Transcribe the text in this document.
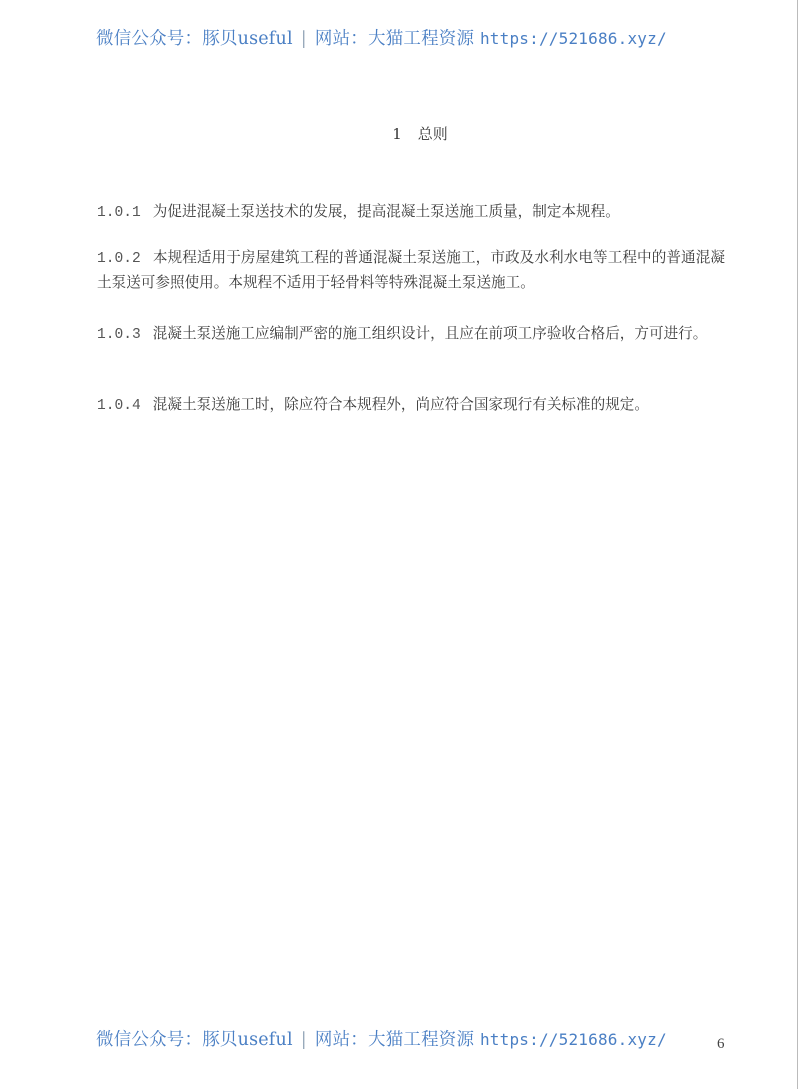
微信公众号：豚贝useful | 网站：大猫工程资源 https://521686.xyz/
1 总则
1.0.1 为促进混凝土泵送技术的发展，提高混凝土泵送施工质量，制定本规程。
1.0.2 本规程适用于房屋建筑工程的普通混凝土泵送施工，市政及水利水电等工程中的普通混凝土泵送可参照使用。本规程不适用于轻骨料等特殊混凝土泵送施工。
1.0.3 混凝土泵送施工应编制严密的施工组织设计，且应在前项工序验收合格后，方可进行。
1.0.4 混凝土泵送施工时，除应符合本规程外，尚应符合国家现行有关标准的规定。
微信公众号：豚贝useful | 网站：大猫工程资源 https://521686.xyz/	6
